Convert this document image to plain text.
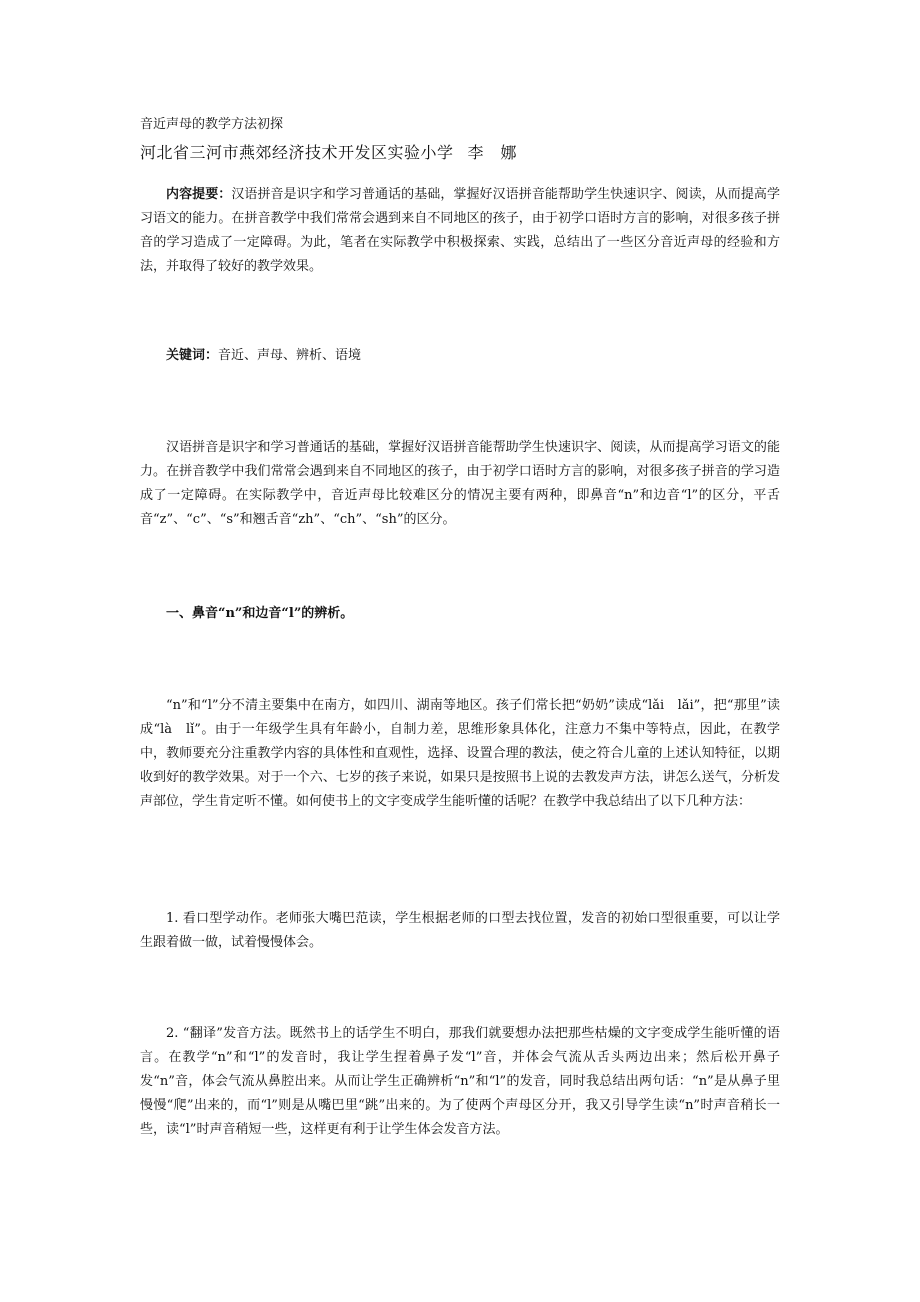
音近声母的教学方法初探
河北省三河市燕郊经济技术开发区实验小学 李　娜
内容提要：汉语拼音是识字和学习普通话的基础，掌握好汉语拼音能帮助学生快速识字、阅读，从而提高学习语文的能力。在拼音教学中我们常常会遇到来自不同地区的孩子，由于初学口语时方言的影响，对很多孩子拼音的学习造成了一定障碍。为此，笔者在实际教学中积极探索、实践，总结出了一些区分音近声母的经验和方法，并取得了较好的教学效果。
关键词：音近、声母、辨析、语境
汉语拼音是识字和学习普通话的基础，掌握好汉语拼音能帮助学生快速识字、阅读，从而提高学习语文的能力。在拼音教学中我们常常会遇到来自不同地区的孩子，由于初学口语时方言的影响，对很多孩子拼音的学习造成了一定障碍。在实际教学中，音近声母比较难区分的情况主要有两种，即鼻音“n”和边音“l”的区分，平舌音“z”、“c”、“s”和翘舌音“zh”、“ch”、“sh”的区分。
一、鼻音“n”和边音“l”的辨析。
“n”和“l”分不清主要集中在南方，如四川、湖南等地区。孩子们常长把“奶奶”读成“lǎi　lǎi”，把“那里”读成“là　lǐ”。由于一年级学生具有年龄小，自制力差，思维形象具体化，注意力不集中等特点，因此，在教学中，教师要充分注重教学内容的具体性和直观性，选择、设置合理的教法，使之符合儿童的上述认知特征，以期收到好的教学效果。对于一个六、七岁的孩子来说，如果只是按照书上说的去教发声方法，讲怎么送气，分析发声部位，学生肯定听不懂。如何使书上的文字变成学生能听懂的话呢？在教学中我总结出了以下几种方法：
1. 看口型学动作。老师张大嘴巴范读，学生根据老师的口型去找位置，发音的初始口型很重要，可以让学生跟着做一做，试着慢慢体会。
2. “翻译”发音方法。既然书上的话学生不明白，那我们就要想办法把那些枯燥的文字变成学生能听懂的语言。在教学“n”和“l”的发音时，我让学生捏着鼻子发“l”音，并体会气流从舌头两边出来；然后松开鼻子发“n”音，体会气流从鼻腔出来。从而让学生正确辨析“n”和“l”的发音，同时我总结出两句话：“n”是从鼻子里慢慢“爬”出来的，而“l”则是从嘴巴里“跳”出来的。为了使两个声母区分开，我又引导学生读“n”时声音稍长一些，读“l”时声音稍短一些，这样更有利于让学生体会发音方法。
